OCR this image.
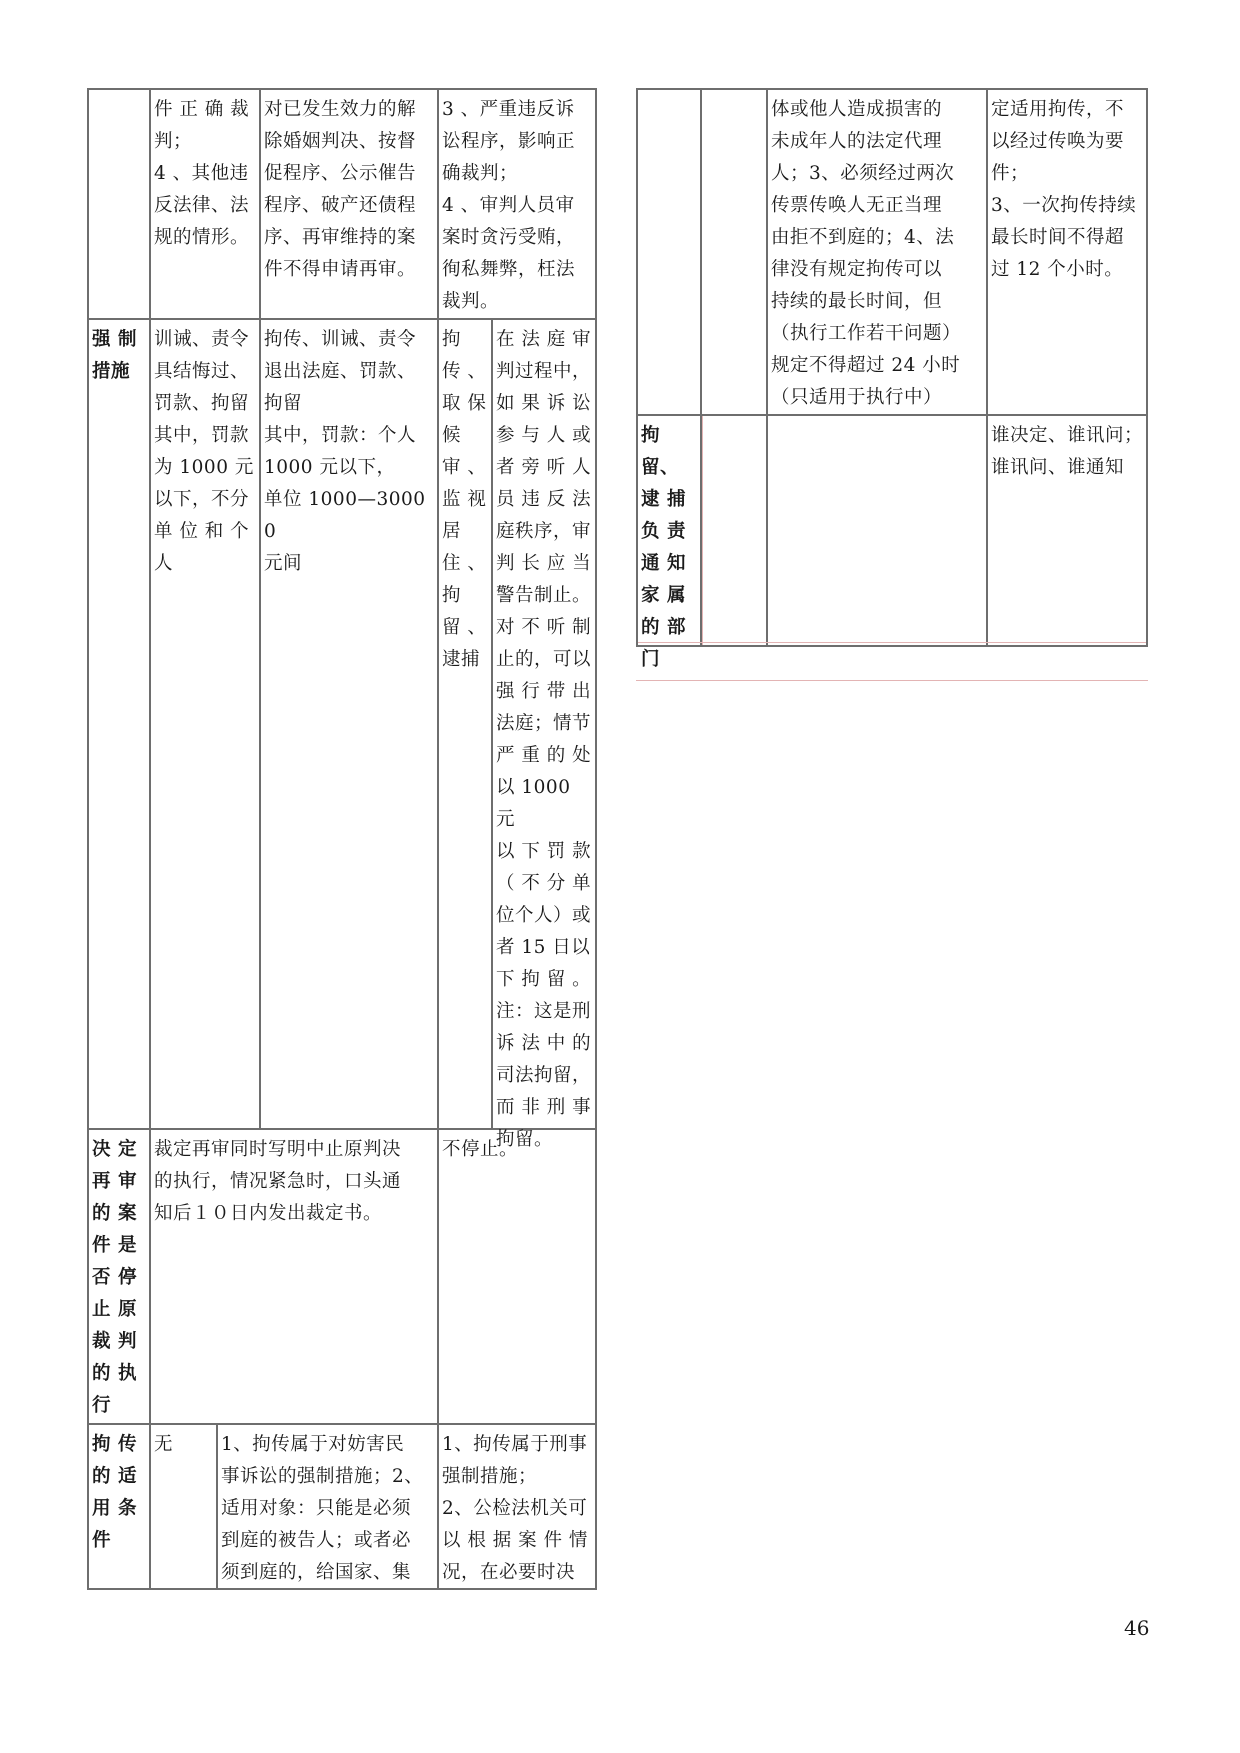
件 正 确 裁
判；
4 、其他违
反法律、法
规的情形。
对已发生效力的解
除婚姻判决、按督
促程序、公示催告
程序、破产还债程
序、再审维持的案
件不得申请再审。
3 、严重违反诉
讼程序，影响正
确裁判；
4 、审判人员审
案时贪污受贿，
徇私舞弊，枉法
裁判。
强 制
措施
训诫、责令
具结悔过、
罚款、拘留
其中，罚款
为 1000 元
以下，不分
单 位 和 个
人
拘传、训诫、责令
退出法庭、罚款、
拘留
其中，罚款：个人
1000 元以下，
单位 1000—30000
元间
拘
传 、
取 保
候
审 、
监 视
居
住 、
拘
留 、
逮捕
在 法 庭 审
判过程中，
如 果 诉 讼
参 与 人 或
者 旁 听 人
员 违 反 法
庭秩序，审
判 长 应 当
警告制止。
对 不 听 制
止的，可以
强 行 带 出
法庭；情节
严 重 的 处
以 1000 元
以 下 罚 款
（ 不 分 单
位个人）或
者 15 日以
下 拘 留 。
注：这是刑
诉 法 中 的
司法拘留，
而 非 刑 事
拘留。
决 定
再 审
的 案
件 是
否 停
止 原
裁 判
的 执
行
裁定再审同时写明中止原判决
的执行，情况紧急时，口头通
知后１０日内发出裁定书。
不停止。
拘 传
的 适
用 条
件
无	1、拘传属于对妨害民
事诉讼的强制措施；2、
适用对象：只能是必须
到庭的被告人；或者必
须到庭的，给国家、集
1、拘传属于刑事
强制措施；
2、公检法机关可
以 根 据 案 件 情
况，在必要时决
体或他人造成损害的
未成年人的法定代理
人；3、必须经过两次
传票传唤人无正当理
由拒不到庭的；4、法
律没有规定拘传可以
持续的最长时间，但
（执行工作若干问题）
规定不得超过 24 小时
（只适用于执行中）
定适用拘传，不
以经过传唤为要
件；
3、一次拘传持续
最长时间不得超
过 12 个小时。
拘留、
逮 捕
负 责
通 知
家 属
的 部
门
谁决定、谁讯问；
谁讯问、谁通知
46
